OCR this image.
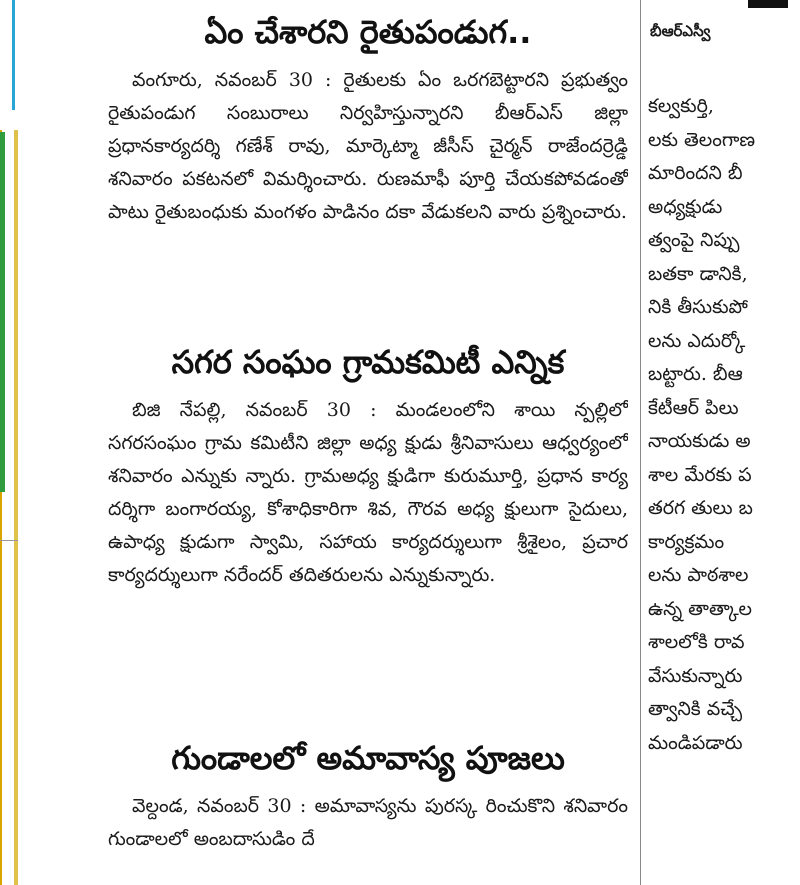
ఏం చేశారని రైతుపండుగ..

వంగూరు, నవంబర్ 30 : రైతులకు ఏం ఒరగబెట్టారని ప్రభుత్వం రైతుపండుగ సంబురాలు నిర్వహిస్తున్నారని బీఆర్ఎస్ జిల్లా ప్రధానకార్యదర్శి గణేశ్ రావు, మార్కెట్మా జీసీస్ చైర్మన్ రాజేందర్రెడ్డి శనివారం పకటనలో విమర్శించారు. రుణమాఫీ పూర్తి చేయకపోవడంతో పాటు రైతుబంధుకు మంగళం పాడినం దకా వేడుకలని వారు ప్రశ్నించారు.

సగర సంఘం గ్రామకమిటీ ఎన్నిక

బిజి నేపల్లి, నవంబర్ 30 : మండలంలోని శాయి న్పల్లిలో సగరసంఘం గ్రామ కమిటీని జిల్లా అధ్య క్షుడు శ్రీనివాసులు ఆధ్వర్యంలో శనివారం ఎన్నుకు న్నారు. గ్రామఅధ్య క్షుడిగా కురుమూర్తి, ప్రధాన కార్య దర్శిగా బంగారయ్య, కోశాధికారిగా శివ, గౌరవ అధ్య క్షులుగా సైదులు, ఉపాధ్య క్షుడుగా స్వామి, సహాయ కార్యదర్శులుగా శ్రీశైలం, ప్రచార కార్యదర్శులుగా నరేందర్ తదితరులను ఎన్నుకున్నారు.

గుండాలలో అమావాస్య పూజలు

వెల్దండ, నవంబర్ 30 : అమావాస్యను పురస్క రించుకొని శనివారం గుండాలలో అంబదాసుడిం దే

బీఆర్ఎస్వీ
కల్వకుర్తి,
లకు తెలంగాణ
మారిందని బీ
అధ్యక్షుడు
త్వంపై నిప్పు
బతకా డానికి,
నికి తీసుకుపో
లను ఎదుర్కో
బట్టారు. బీఆ
కేటీఆర్ పిలు
నాయకుడు అ
శాల మేరకు ప
తరగ తులు బ
కార్యక్రమం
లను పాఠశాల
ఉన్న తాత్కాల
శాలలోకి రావ
వేసుకున్నారు
త్వానికి వచ్చే
మండిపడారు
